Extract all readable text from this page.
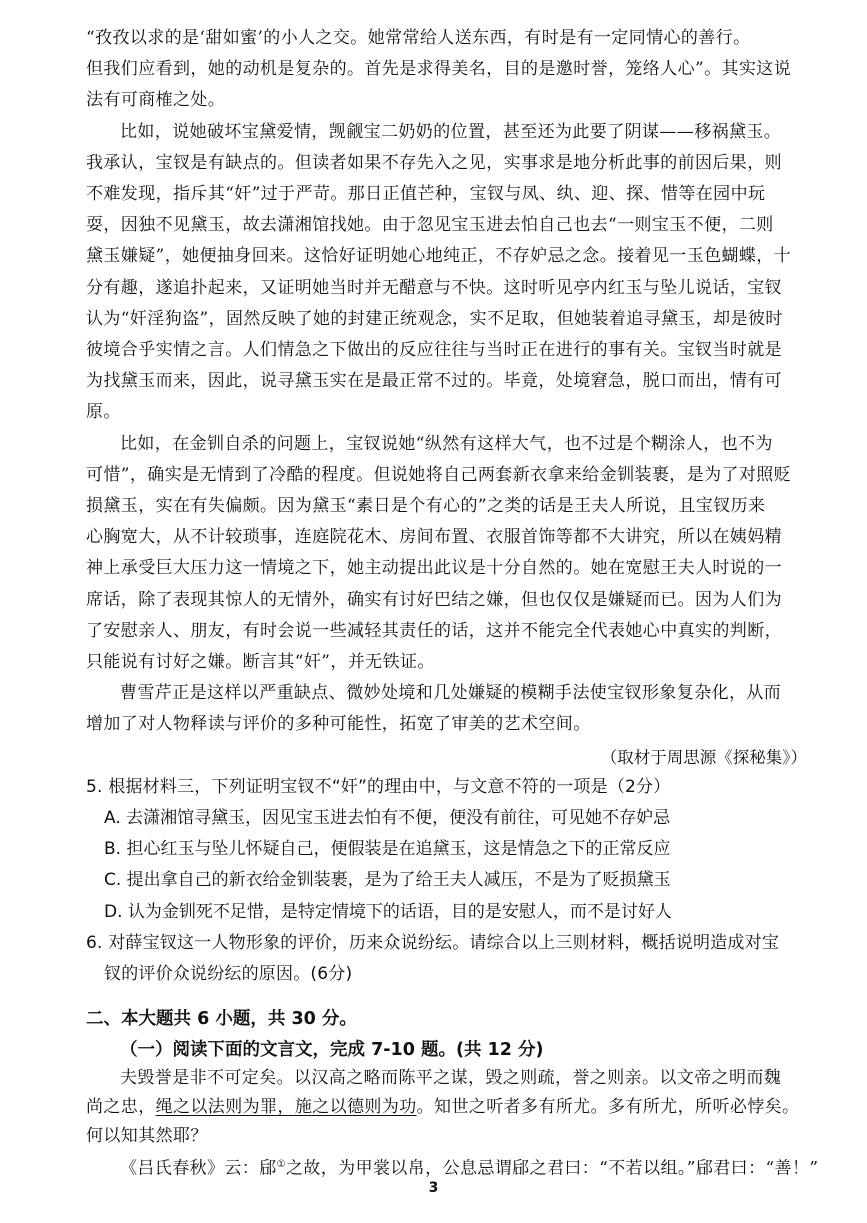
“孜孜以求的是‘甜如蜜’的小人之交。她常常给人送东西，有时是有一定同情心的善行。
但我们应看到，她的动机是复杂的。首先是求得美名，目的是邀时誉，笼络人心”。其实这说
法有可商榷之处。
比如，说她破坏宝黛爱情，觊觎宝二奶奶的位置，甚至还为此要了阴谋——移祸黛玉。
我承认，宝钗是有缺点的。但读者如果不存先入之见，实事求是地分析此事的前因后果，则
不难发现，指斥其“奸”过于严苛。那日正值芒种，宝钗与凤、纨、迎、探、惜等在园中玩
耍，因独不见黛玉，故去潇湘馆找她。由于忽见宝玉进去怕自己也去“一则宝玉不便，二则
黛玉嫌疑”，她便抽身回来。这恰好证明她心地纯正，不存妒忌之念。接着见一玉色蝴蝶，十
分有趣，遂追扑起来，又证明她当时并无醋意与不快。这时听见亭内红玉与坠儿说话，宝钗
认为“奸淫狗盗”，固然反映了她的封建正统观念，实不足取，但她装着追寻黛玉，却是彼时
彼境合乎实情之言。人们情急之下做出的反应往往与当时正在进行的事有关。宝钗当时就是
为找黛玉而来，因此，说寻黛玉实在是最正常不过的。毕竟，处境窘急，脱口而出，情有可
原。
比如，在金钏自杀的问题上，宝钗说她“纵然有这样大气，也不过是个糊涂人，也不为
可惜”，确实是无情到了冷酷的程度。但说她将自己两套新衣拿来给金钏装裹，是为了对照贬
损黛玉，实在有失偏颇。因为黛玉“素日是个有心的”之类的话是王夫人所说，且宝钗历来
心胸宽大，从不计较琐事，连庭院花木、房间布置、衣服首饰等都不大讲究，所以在姨妈精
神上承受巨大压力这一情境之下，她主动提出此议是十分自然的。她在宽慰王夫人时说的一
席话，除了表现其惊人的无情外，确实有讨好巴结之嫌，但也仅仅是嫌疑而已。因为人们为
了安慰亲人、朋友，有时会说一些减轻其责任的话，这并不能完全代表她心中真实的判断，
只能说有讨好之嫌。断言其“奸”，并无铁证。
曹雪芹正是这样以严重缺点、微妙处境和几处嫌疑的模糊手法使宝钗形象复杂化，从而
增加了对人物释读与评价的多种可能性，拓宽了审美的艺术空间。
（取材于周思源《探秘集》）
5. 根据材料三，下列证明宝钗不“奸”的理由中，与文意不符的一项是（2分）
A. 去潇湘馆寻黛玉，因见宝玉进去怕有不便，便没有前往，可见她不存妒忌
B. 担心红玉与坠儿怀疑自己，便假装是在追黛玉，这是情急之下的正常反应
C. 提出拿自己的新衣给金钏装裹，是为了给王夫人减压，不是为了贬损黛玉
D. 认为金钏死不足惜，是特定情境下的话语，目的是安慰人，而不是讨好人
6. 对薛宝钗这一人物形象的评价，历来众说纷纭。请综合以上三则材料，概括说明造成对宝
钗的评价众说纷纭的原因。(6分)
二、本大题共 6 小题，共 30 分。
（一）阅读下面的文言文，完成 7-10 题。(共 12 分)
3
夫毁誉是非不可定矣。以汉高之略而陈平之谋，毁之则疏，誉之则亲。以文帝之明而魏
尚之忠，绳之以法则为罪，施之以德则为功。知世之听者多有所尤。多有所尤，所听必悖矣。
何以知其然耶？
《吕氏春秋》云：郈①之故，为甲裳以帛，公息忌谓郈之君曰：“不若以组。”郈君曰：“善！”
